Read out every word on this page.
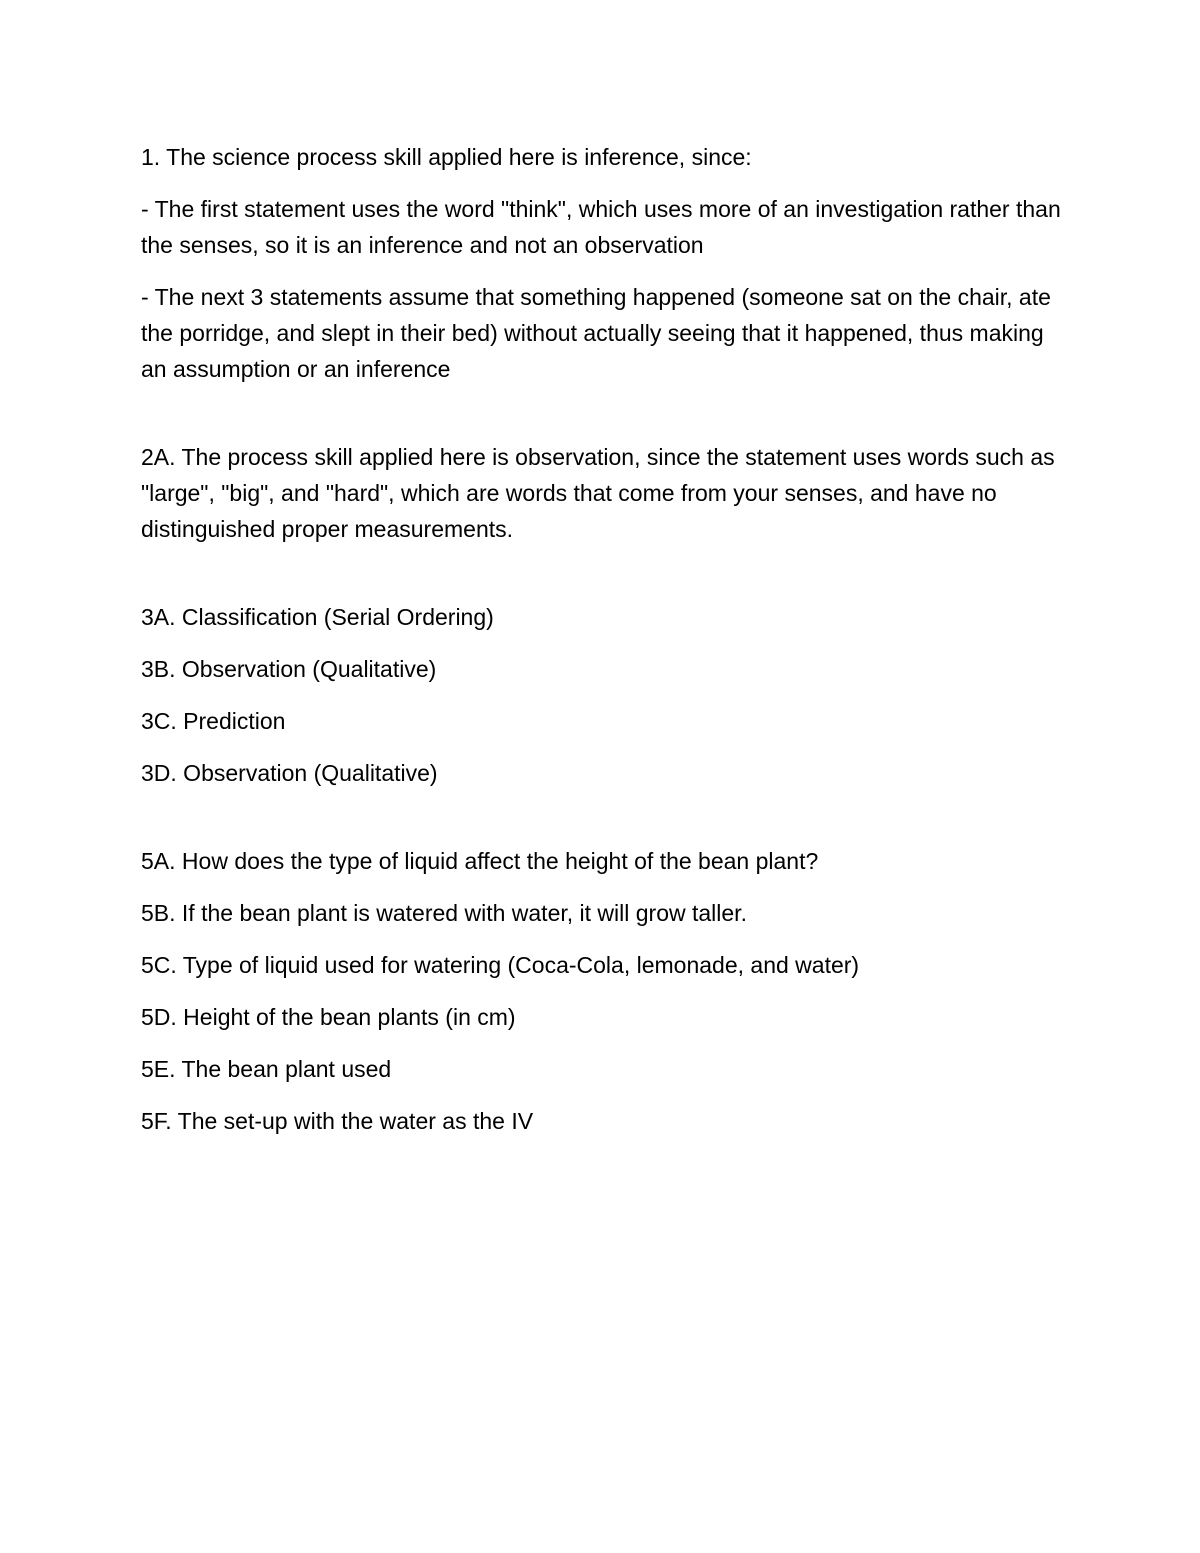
1. The science process skill applied here is inference, since:

- The first statement uses the word "think", which uses more of an investigation rather than the senses, so it is an inference and not an observation

- The next 3 statements assume that something happened (someone sat on the chair, ate the porridge, and slept in their bed) without actually seeing that it happened, thus making an assumption or an inference

2A. The process skill applied here is observation, since the statement uses words such as "large", "big", and "hard", which are words that come from your senses, and have no distinguished proper measurements.

3A. Classification (Serial Ordering)

3B. Observation (Qualitative)

3C. Prediction

3D. Observation (Qualitative)

5A. How does the type of liquid affect the height of the bean plant?

5B. If the bean plant is watered with water, it will grow taller.

5C. Type of liquid used for watering (Coca-Cola, lemonade, and water)

5D. Height of the bean plants (in cm)

5E. The bean plant used

5F. The set-up with the water as the IV
